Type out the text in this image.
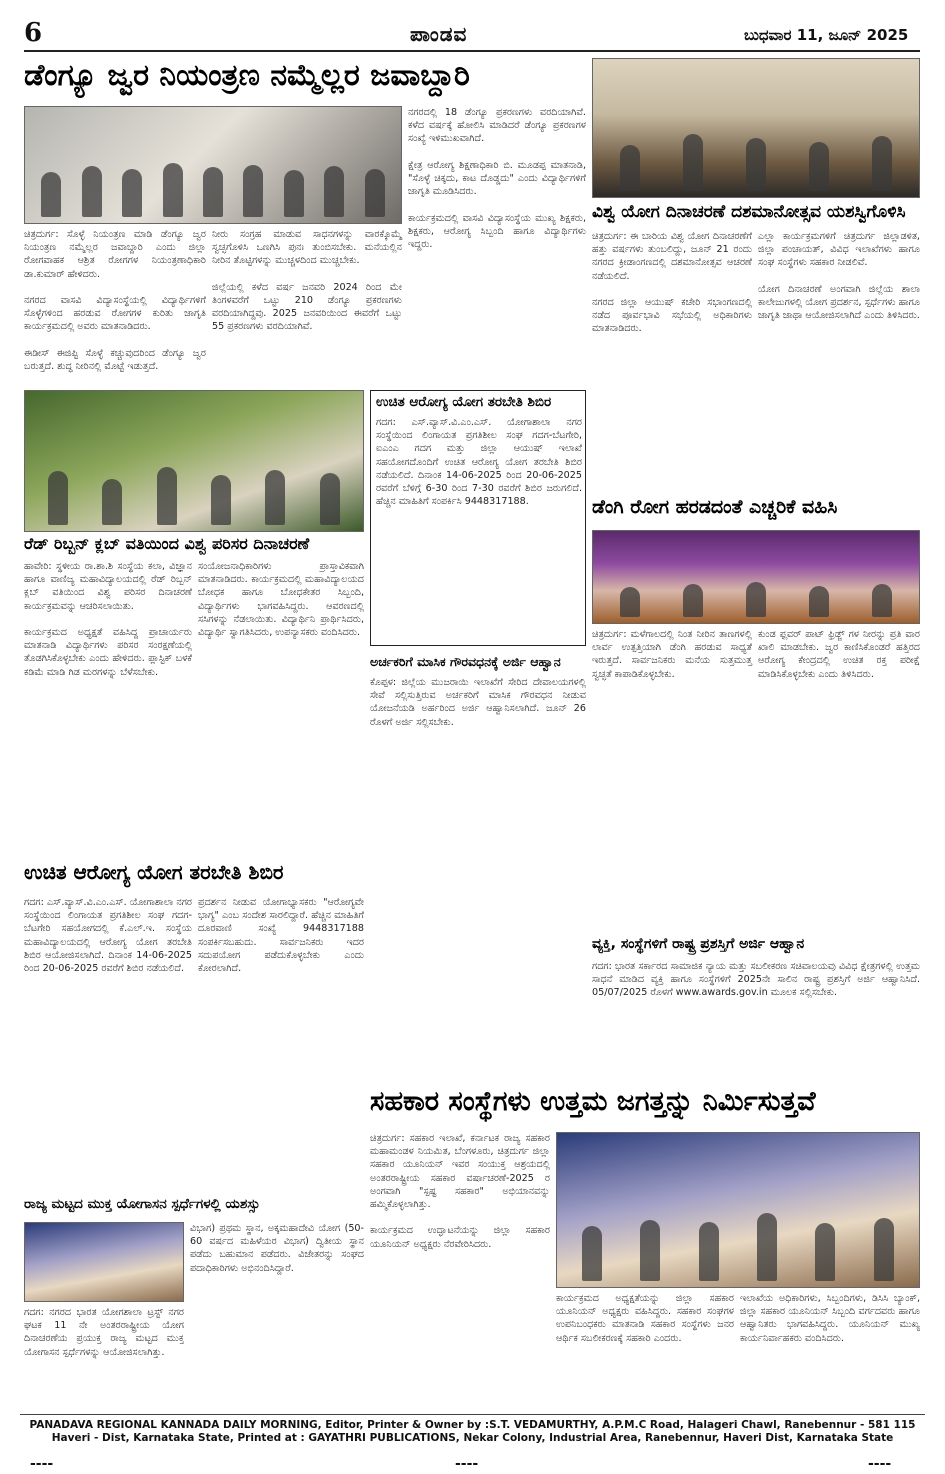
6	ಪಾಂಡವ	ಬುಧವಾರ 11, ಜೂನ್ 2025
ಡೆಂಗ್ಯೂ ಜ್ವರ ನಿಯಂತ್ರಣ ನಮ್ಮೆಲ್ಲರ ಜವಾಬ್ದಾರಿ
ಚಿತ್ರದುರ್ಗ: ಸೊಳ್ಳೆ ನಿಯಂತ್ರಣ ಮಾಡಿ ಡೆಂಗ್ಯೂ ಜ್ವರ ನಿಯಂತ್ರಣ ನಮ್ಮೆಲ್ಲರ ಜವಾಬ್ದಾರಿ ಎಂದು ಜಿಲ್ಲಾ ರೋಗವಾಹಕ ಆಶ್ರಿತ ರೋಗಗಳ ನಿಯಂತ್ರಣಾಧಿಕಾರಿ ಡಾ.ಕುಮಾರ್ ಹೇಳಿದರು.

ನಗರದ ವಾಸವಿ ವಿದ್ಯಾಸಂಸ್ಥೆಯಲ್ಲಿ ವಿದ್ಯಾರ್ಥಿಗಳಿಗೆ ಸೊಳ್ಳೆಗಳಿಂದ ಹರಡುವ ರೋಗಗಳ ಕುರಿತು ಜಾಗೃತಿ ಕಾರ್ಯಕ್ರಮದಲ್ಲಿ ಅವರು ಮಾತನಾಡಿದರು.

ಈಡೀಸ್ ಈಜಿಪ್ಟಿ ಸೊಳ್ಳೆ ಕಚ್ಚುವುದರಿಂದ ಡೆಂಗ್ಯೂ ಜ್ವರ ಬರುತ್ತದೆ. ಶುದ್ಧ ನೀರಿನಲ್ಲಿ ಮೊಟ್ಟೆ ಇಡುತ್ತದೆ.
ನೀರು ಸಂಗ್ರಹ ಮಾಡುವ ಸಾಧನಗಳನ್ನು ವಾರಕ್ಕೊಮ್ಮೆ ಸ್ವಚ್ಛಗೊಳಿಸಿ ಒಣಗಿಸಿ ಪುನಃ ತುಂಬಿಸಬೇಕು. ಮನೆಯಲ್ಲಿನ ನೀರಿನ ತೊಟ್ಟಿಗಳನ್ನು ಮುಚ್ಚಳದಿಂದ ಮುಚ್ಚಬೇಕು.

ಜಿಲ್ಲೆಯಲ್ಲಿ ಕಳೆದ ವರ್ಷ ಜನವರಿ 2024 ರಿಂದ ಮೇ ತಿಂಗಳವರೆಗೆ ಒಟ್ಟು 210 ಡೆಂಗ್ಯೂ ಪ್ರಕರಣಗಳು ವರದಿಯಾಗಿದ್ದವು. 2025 ಜನವರಿಯಿಂದ ಈವರೆಗೆ ಒಟ್ಟು 55 ಪ್ರಕರಣಗಳು ವರದಿಯಾಗಿವೆ.
ನಗರದಲ್ಲಿ 18 ಡೆಂಗ್ಯೂ ಪ್ರಕರಣಗಳು ವರದಿಯಾಗಿವೆ. ಕಳೆದ ವರ್ಷಕ್ಕೆ ಹೋಲಿಸಿ ಮಾಡಿದರೆ ಡೆಂಗ್ಯೂ ಪ್ರಕರಣಗಳ ಸಂಖ್ಯೆ ಇಳಿಮುಖವಾಗಿದೆ.

ಕ್ಷೇತ್ರ ಆರೋಗ್ಯ ಶಿಕ್ಷಣಾಧಿಕಾರಿ ಬಿ. ಮೂಡಪ್ಪ ಮಾತನಾಡಿ, "ಸೊಳ್ಳೆ ಚಿಕ್ಕದು, ಕಾಟ ದೊಡ್ಡದು" ಎಂದು ವಿದ್ಯಾರ್ಥಿಗಳಿಗೆ ಜಾಗೃತಿ ಮೂಡಿಸಿದರು.

ಕಾರ್ಯಕ್ರಮದಲ್ಲಿ ವಾಸವಿ ವಿದ್ಯಾಸಂಸ್ಥೆಯ ಮುಖ್ಯ ಶಿಕ್ಷಕರು, ಶಿಕ್ಷಕರು, ಆರೋಗ್ಯ ಸಿಬ್ಬಂದಿ ಹಾಗೂ ವಿದ್ಯಾರ್ಥಿಗಳು ಇದ್ದರು.
ವಿಶ್ವ ಯೋಗ ದಿನಾಚರಣೆ ದಶಮಾನೋತ್ಸವ ಯಶಸ್ವಿಗೊಳಿಸಿ
ಚಿತ್ರದುರ್ಗ: ಈ ಬಾರಿಯ ವಿಶ್ವ ಯೋಗ ದಿನಾಚರಣೆಗೆ ಹತ್ತು ವರ್ಷಗಳು ತುಂಬಲಿದ್ದು, ಜೂನ್ 21 ರಂದು ನಗರದ ಕ್ರೀಡಾಂಗಣದಲ್ಲಿ ದಶಮಾನೋತ್ಸವ ಆಚರಣೆ ನಡೆಯಲಿದೆ.

ನಗರದ ಜಿಲ್ಲಾ ಆಯುಷ್ ಕಚೇರಿ ಸಭಾಂಗಣದಲ್ಲಿ ನಡೆದ ಪೂರ್ವಭಾವಿ ಸಭೆಯಲ್ಲಿ ಅಧಿಕಾರಿಗಳು ಮಾತನಾಡಿದರು.
ಎಲ್ಲಾ ಕಾರ್ಯಕ್ರಮಗಳಿಗೆ ಚಿತ್ರದುರ್ಗ ಜಿಲ್ಲಾಡಳಿತ, ಜಿಲ್ಲಾ ಪಂಚಾಯತ್, ವಿವಿಧ ಇಲಾಖೆಗಳು ಹಾಗೂ ಸಂಘ ಸಂಸ್ಥೆಗಳು ಸಹಕಾರ ನೀಡಲಿವೆ.

ಯೋಗ ದಿನಾಚರಣೆ ಅಂಗವಾಗಿ ಜಿಲ್ಲೆಯ ಶಾಲಾ ಕಾಲೇಜುಗಳಲ್ಲಿ ಯೋಗ ಪ್ರದರ್ಶನ, ಸ್ಪರ್ಧೆಗಳು ಹಾಗೂ ಜಾಗೃತಿ ಜಾಥಾ ಆಯೋಜಿಸಲಾಗಿದೆ ಎಂದು ತಿಳಿಸಿದರು.
ರೆಡ್ ರಿಬ್ಬನ್ ಕ್ಲಬ್ ವತಿಯಿಂದ ವಿಶ್ವ ಪರಿಸರ ದಿನಾಚರಣೆ
ಹಾವೇರಿ: ಸ್ಥಳೀಯ ರಾ.ಶಾ.ಶಿ ಸಂಸ್ಥೆಯ ಕಲಾ, ವಿಜ್ಞಾನ ಹಾಗೂ ವಾಣಿಜ್ಯ ಮಹಾವಿದ್ಯಾಲಯದಲ್ಲಿ ರೆಡ್ ರಿಬ್ಬನ್ ಕ್ಲಬ್ ವತಿಯಿಂದ ವಿಶ್ವ ಪರಿಸರ ದಿನಾಚರಣೆ ಕಾರ್ಯಕ್ರಮವನ್ನು ಆಚರಿಸಲಾಯಿತು.

ಕಾರ್ಯಕ್ರಮದ ಅಧ್ಯಕ್ಷತೆ ವಹಿಸಿದ್ದ ಪ್ರಾಚಾರ್ಯರು ಮಾತನಾಡಿ ವಿದ್ಯಾರ್ಥಿಗಳು ಪರಿಸರ ಸಂರಕ್ಷಣೆಯಲ್ಲಿ ತೊಡಗಿಸಿಕೊಳ್ಳಬೇಕು ಎಂದು ಹೇಳಿದರು. ಪ್ಲಾಸ್ಟಿಕ್ ಬಳಕೆ ಕಡಿಮೆ ಮಾಡಿ ಗಿಡ ಮರಗಳನ್ನು ಬೆಳೆಸಬೇಕು.
ಸಂಯೋಜನಾಧಿಕಾರಿಗಳು ಪ್ರಾಸ್ತಾವಿಕವಾಗಿ ಮಾತನಾಡಿದರು. ಕಾರ್ಯಕ್ರಮದಲ್ಲಿ ಮಹಾವಿದ್ಯಾಲಯದ ಬೋಧಕ ಹಾಗೂ ಬೋಧಕೇತರ ಸಿಬ್ಬಂದಿ, ವಿದ್ಯಾರ್ಥಿಗಳು ಭಾಗವಹಿಸಿದ್ದರು. ಆವರಣದಲ್ಲಿ ಸಸಿಗಳನ್ನು ನೆಡಲಾಯಿತು. ವಿದ್ಯಾರ್ಥಿನಿ ಪ್ರಾರ್ಥಿಸಿದರು, ವಿದ್ಯಾರ್ಥಿ ಸ್ವಾಗತಿಸಿದರು, ಉಪನ್ಯಾಸಕರು ವಂದಿಸಿದರು.
ಉಚಿತ ಆರೋಗ್ಯ ಯೋಗ ತರಬೇತಿ ಶಿಬಿರ
ಗದಗ: ಎಸ್.ವ್ಯಾಸ್.ವಿ.ಎಂ.ಎಸ್. ಯೋಗಾಶಾಲಾ ನಗರ ಸಂಸ್ಥೆಯಿಂದ ಲಿಂಗಾಯತ ಪ್ರಗತಿಶೀಲ ಸಂಘ ಗದಗ-ಬೆಟಗೇರಿ, ಐಎಂಎ ಗದಗ ಮತ್ತು ಜಿಲ್ಲಾ ಆಯುಷ್ ಇಲಾಖೆ ಸಹಯೋಗದೊಂದಿಗೆ ಉಚಿತ ಆರೋಗ್ಯ ಯೋಗ ತರಬೇತಿ ಶಿಬಿರ ನಡೆಯಲಿದೆ. ದಿನಾಂಕ 14-06-2025 ರಿಂದ 20-06-2025 ರವರೆಗೆ ಬೆಳಿಗ್ಗೆ 6-30 ರಿಂದ 7-30 ರವರೆಗೆ ಶಿಬಿರ ಜರುಗಲಿದೆ. ಹೆಚ್ಚಿನ ಮಾಹಿತಿಗೆ ಸಂಪರ್ಕಿಸಿ 9448317188.
ಅರ್ಚಕರಿಗೆ ಮಾಸಿಕ ಗೌರವಧನಕ್ಕೆ ಅರ್ಜಿ ಆಹ್ವಾನ
ಕೊಪ್ಪಳ: ಜಿಲ್ಲೆಯ ಮುಜರಾಯಿ ಇಲಾಖೆಗೆ ಸೇರಿದ ದೇವಾಲಯಗಳಲ್ಲಿ ಸೇವೆ ಸಲ್ಲಿಸುತ್ತಿರುವ ಅರ್ಚಕರಿಗೆ ಮಾಸಿಕ ಗೌರವಧನ ನೀಡುವ ಯೋಜನೆಯಡಿ ಅರ್ಹರಿಂದ ಅರ್ಜಿ ಆಹ್ವಾನಿಸಲಾಗಿದೆ. ಜೂನ್ 26 ರೊಳಗೆ ಅರ್ಜಿ ಸಲ್ಲಿಸಬೇಕು.
ಡೆಂಗಿ ರೋಗ ಹರಡದಂತೆ ಎಚ್ಚರಿಕೆ ವಹಿಸಿ
ಚಿತ್ರದುರ್ಗ: ಮಳೆಗಾಲದಲ್ಲಿ ನಿಂತ ನೀರಿನ ತಾಣಗಳಲ್ಲಿ ಲಾರ್ವ ಉತ್ಪತ್ತಿಯಾಗಿ ಡೆಂಗಿ ಹರಡುವ ಸಾಧ್ಯತೆ ಇರುತ್ತದೆ. ಸಾರ್ವಜನಿಕರು ಮನೆಯ ಸುತ್ತಮುತ್ತ ಸ್ವಚ್ಛತೆ ಕಾಪಾಡಿಕೊಳ್ಳಬೇಕು.
ಕುಂಡ ಫ್ಲವರ್ ಪಾಟ್ ಫ್ರಿಡ್ಜ್ ಗಳ ನೀರನ್ನು ಪ್ರತಿ ವಾರ ಖಾಲಿ ಮಾಡಬೇಕು. ಜ್ವರ ಕಾಣಿಸಿಕೊಂಡರೆ ಹತ್ತಿರದ ಆರೋಗ್ಯ ಕೇಂದ್ರದಲ್ಲಿ ಉಚಿತ ರಕ್ತ ಪರೀಕ್ಷೆ ಮಾಡಿಸಿಕೊಳ್ಳಬೇಕು ಎಂದು ತಿಳಿಸಿದರು.
ವ್ಯಕ್ತಿ, ಸಂಸ್ಥೆಗಳಿಗೆ ರಾಷ್ಟ್ರ ಪ್ರಶಸ್ತಿಗೆ ಅರ್ಜಿ ಆಹ್ವಾನ
ಗದಗ: ಭಾರತ ಸರ್ಕಾರದ ಸಾಮಾಜಿಕ ನ್ಯಾಯ ಮತ್ತು ಸಬಲೀಕರಣ ಸಚಿವಾಲಯವು ವಿವಿಧ ಕ್ಷೇತ್ರಗಳಲ್ಲಿ ಉತ್ತಮ ಸಾಧನೆ ಮಾಡಿದ ವ್ಯಕ್ತಿ ಹಾಗೂ ಸಂಸ್ಥೆಗಳಿಗೆ 2025ನೇ ಸಾಲಿನ ರಾಷ್ಟ್ರ ಪ್ರಶಸ್ತಿಗೆ ಅರ್ಜಿ ಆಹ್ವಾನಿಸಿದೆ. 05/07/2025 ರೊಳಗೆ www.awards.gov.in ಮೂಲಕ ಸಲ್ಲಿಸಬೇಕು.
ಉಚಿತ ಆರೋಗ್ಯ ಯೋಗ ತರಬೇತಿ ಶಿಬಿರ
ಗದಗ: ಎಸ್.ವ್ಯಾಸ್.ವಿ.ಎಂ.ಎಸ್. ಯೋಗಾಶಾಲಾ ನಗರ ಸಂಸ್ಥೆಯಿಂದ ಲಿಂಗಾಯತ ಪ್ರಗತಿಶೀಲ ಸಂಘ ಗದಗ-ಬೆಟಗೇರಿ ಸಹಯೋಗದಲ್ಲಿ ಕೆ.ಎಲ್.ಇ. ಸಂಸ್ಥೆಯ ಮಹಾವಿದ್ಯಾಲಯದಲ್ಲಿ ಆರೋಗ್ಯ ಯೋಗ ತರಬೇತಿ ಶಿಬಿರ ಆಯೋಜಿಸಲಾಗಿದೆ. ದಿನಾಂಕ 14-06-2025 ರಿಂದ 20-06-2025 ರವರೆಗೆ ಶಿಬಿರ ನಡೆಯಲಿದೆ.
ಪ್ರದರ್ಶನ ನೀಡುವ ಯೋಗಾಭ್ಯಾಸಕರು "ಆರೋಗ್ಯವೇ ಭಾಗ್ಯ" ಎಂಬ ಸಂದೇಶ ಸಾರಲಿದ್ದಾರೆ. ಹೆಚ್ಚಿನ ಮಾಹಿತಿಗೆ ದೂರವಾಣಿ ಸಂಖ್ಯೆ 9448317188 ಸಂಪರ್ಕಿಸಬಹುದು. ಸಾರ್ವಜನಿಕರು ಇದರ ಸದುಪಯೋಗ ಪಡೆದುಕೊಳ್ಳಬೇಕು ಎಂದು ಕೋರಲಾಗಿದೆ.
ರಾಜ್ಯ ಮಟ್ಟದ ಮುಕ್ತ ಯೋಗಾಸನ ಸ್ಪರ್ಧೆಗಳಲ್ಲಿ ಯಶಸ್ಸು
ಗದಗ: ನಗರದ ಭಾರತ ಯೋಗಶಾಲಾ ಟ್ರಸ್ಟ್ ನಗರ ಘಟಕ 11 ನೇ ಅಂತರರಾಷ್ಟ್ರೀಯ ಯೋಗ ದಿನಾಚರಣೆಯ ಪ್ರಯುಕ್ತ ರಾಜ್ಯ ಮಟ್ಟದ ಮುಕ್ತ ಯೋಗಾಸನ ಸ್ಪರ್ಧೆಗಳನ್ನು ಆಯೋಜಿಸಲಾಗಿತ್ತು.
ವಿಭಾಗ) ಪ್ರಥಮ ಸ್ಥಾನ, ಅಕ್ಕಮಹಾದೇವಿ ಯೋಗ (50-60 ವರ್ಷದ ಮಹಿಳೆಯರ ವಿಭಾಗ) ದ್ವಿತೀಯ ಸ್ಥಾನ ಪಡೆದು ಬಹುಮಾನ ಪಡೆದರು. ವಿಜೇತರನ್ನು ಸಂಘದ ಪದಾಧಿಕಾರಿಗಳು ಅಭಿನಂದಿಸಿದ್ದಾರೆ.
ಸಹಕಾರ ಸಂಸ್ಥೆಗಳು ಉತ್ತಮ ಜಗತ್ತನ್ನು ನಿರ್ಮಿಸುತ್ತವೆ
ಚಿತ್ರದುರ್ಗ: ಸಹಕಾರ ಇಲಾಖೆ, ಕರ್ನಾಟಕ ರಾಜ್ಯ ಸಹಕಾರ ಮಹಾಮಂಡಳ ನಿಯಮಿತ, ಬೆಂಗಳೂರು, ಚಿತ್ರದುರ್ಗ ಜಿಲ್ಲಾ ಸಹಕಾರ ಯೂನಿಯನ್ ಇವರ ಸಂಯುಕ್ತ ಆಶ್ರಯದಲ್ಲಿ ಅಂತರರಾಷ್ಟ್ರೀಯ ಸಹಕಾರ ವರ್ಷಾಚರಣೆ-2025 ರ ಅಂಗವಾಗಿ "ಸ್ಪಷ್ಟ ಸಹಕಾರ" ಅಭಿಯಾನವನ್ನು ಹಮ್ಮಿಕೊಳ್ಳಲಾಗಿತ್ತು.

ಕಾರ್ಯಕ್ರಮದ ಉದ್ಘಾಟನೆಯನ್ನು ಜಿಲ್ಲಾ ಸಹಕಾರ ಯೂನಿಯನ್ ಅಧ್ಯಕ್ಷರು ನೆರವೇರಿಸಿದರು.
ಕಾರ್ಯಕ್ರಮದ ಅಧ್ಯಕ್ಷತೆಯನ್ನು ಜಿಲ್ಲಾ ಸಹಕಾರ ಯೂನಿಯನ್ ಅಧ್ಯಕ್ಷರು ವಹಿಸಿದ್ದರು. ಸಹಕಾರ ಸಂಘಗಳ ಉಪನಿಬಂಧಕರು ಮಾತನಾಡಿ ಸಹಕಾರ ಸಂಸ್ಥೆಗಳು ಜನರ ಆರ್ಥಿಕ ಸಬಲೀಕರಣಕ್ಕೆ ಸಹಕಾರಿ ಎಂದರು.
ಇಲಾಖೆಯ ಅಧಿಕಾರಿಗಳು, ಸಿಬ್ಬಂದಿಗಳು, ಡಿಸಿಸಿ ಬ್ಯಾಂಕ್, ಜಿಲ್ಲಾ ಸಹಕಾರ ಯೂನಿಯನ್ ಸಿಬ್ಬಂದಿ ವರ್ಗದವರು ಹಾಗೂ ಆಹ್ವಾನಿತರು ಭಾಗವಹಿಸಿದ್ದರು. ಯೂನಿಯನ್ ಮುಖ್ಯ ಕಾರ್ಯನಿರ್ವಾಹಕರು ವಂದಿಸಿದರು.
PANADAVA REGIONAL KANNADA DAILY MORNING, Editor, Printer & Owner by :S.T. VEDAMURTHY, A.P.M.C Road, Halageri Chawl, Ranebennur - 581 115
Haveri - Dist, Karnataka State, Printed at : GAYATHRI PUBLICATIONS, Nekar Colony, Industrial Area, Ranebennur, Haveri Dist, Karnataka State
----	----	----
